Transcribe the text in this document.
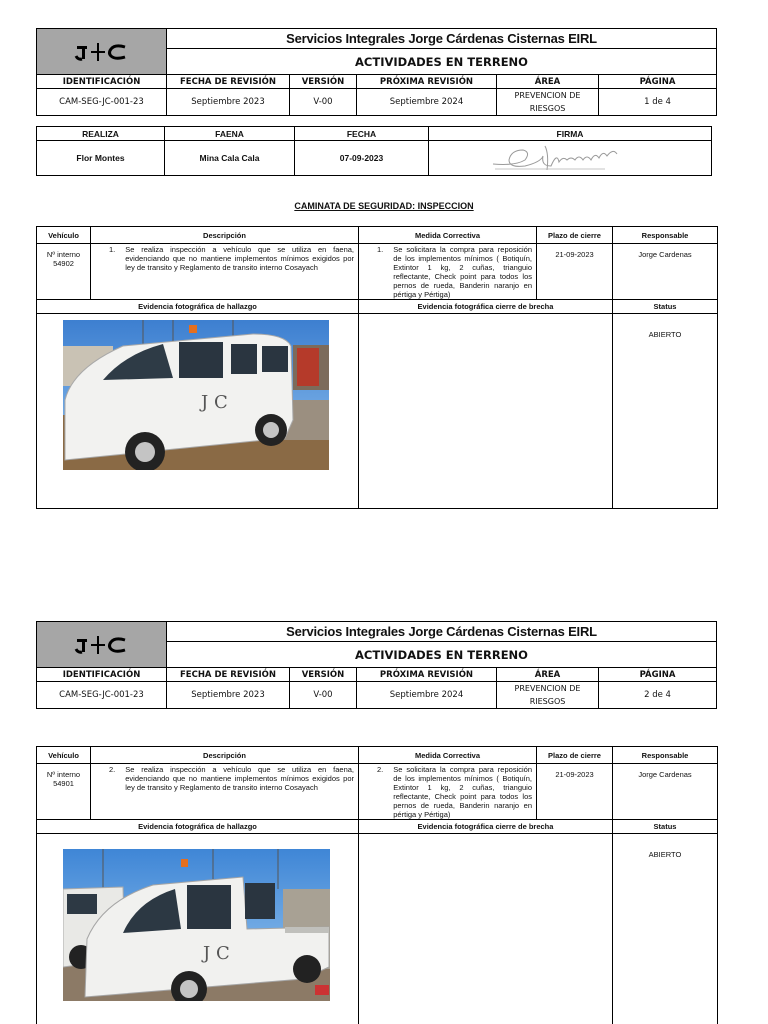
	Servicios Integrales Jorge Cárdenas Cisternas EIRL				
	ACTIVIDADES EN TERRENO				
IDENTIFICACIÓN	FECHA DE REVISIÓN	VERSIÓN	PRÓXIMA REVISIÓN	ÁREA	PÁGINA
CAM-SEG-JC-001-23	Septiembre 2023	V-00	Septiembre 2024	PREVENCION DE RIESGOS	1 de 4
REALIZA	FAENA	FECHA	FIRMA
Flor Montes	Mina Cala Cala	07-09-2023	
CAMINATA DE SEGURIDAD: INSPECCION
Vehículo	Descripción	Medida Correctiva	Plazo de cierre	Responsable
Nº interno 54902	1. Se realiza inspección a vehículo que se utiliza en faena, evidenciando que no mantiene implementos mínimos exigidos por ley de transito y Reglamento de transito interno Cosayach	1. Se solicitara la compra para reposición de los implementos mínimos ( Botiquín, Extintor 1 kg, 2 cuñas, trianguio reflectante, Check point para todos los pernos de rueda, Banderin naranjo en pértiga y Pértiga)	21-09-2023	Jorge Cardenas
Evidencia fotográfica de hallazgo		Evidencia fotográfica cierre de brecha		Status
				ABIERTO
J C
	Servicios Integrales Jorge Cárdenas Cisternas EIRL				
	ACTIVIDADES EN TERRENO				
IDENTIFICACIÓN	FECHA DE REVISIÓN	VERSIÓN	PRÓXIMA REVISIÓN	ÁREA	PÁGINA
CAM-SEG-JC-001-23	Septiembre 2023	V-00	Septiembre 2024	PREVENCION DE RIESGOS	2 de 4
Vehículo	Descripción	Medida Correctiva	Plazo de cierre	Responsable
Nº interno 54901	2. Se realiza inspección a vehículo que se utiliza en faena, evidenciando que no mantiene implementos mínimos exigidos por ley de transito y Reglamento de transito interno Cosayach	2. Se solicitara la compra para reposición de los implementos mínimos ( Botiquín, Extintor 1 kg, 2 cuñas, trianguio reflectante, Check point para todos los pernos de rueda, Banderin naranjo en pértiga y Pértiga)	21-09-2023	Jorge Cardenas
Evidencia fotográfica de hallazgo		Evidencia fotográfica cierre de brecha		Status
				ABIERTO
J C
